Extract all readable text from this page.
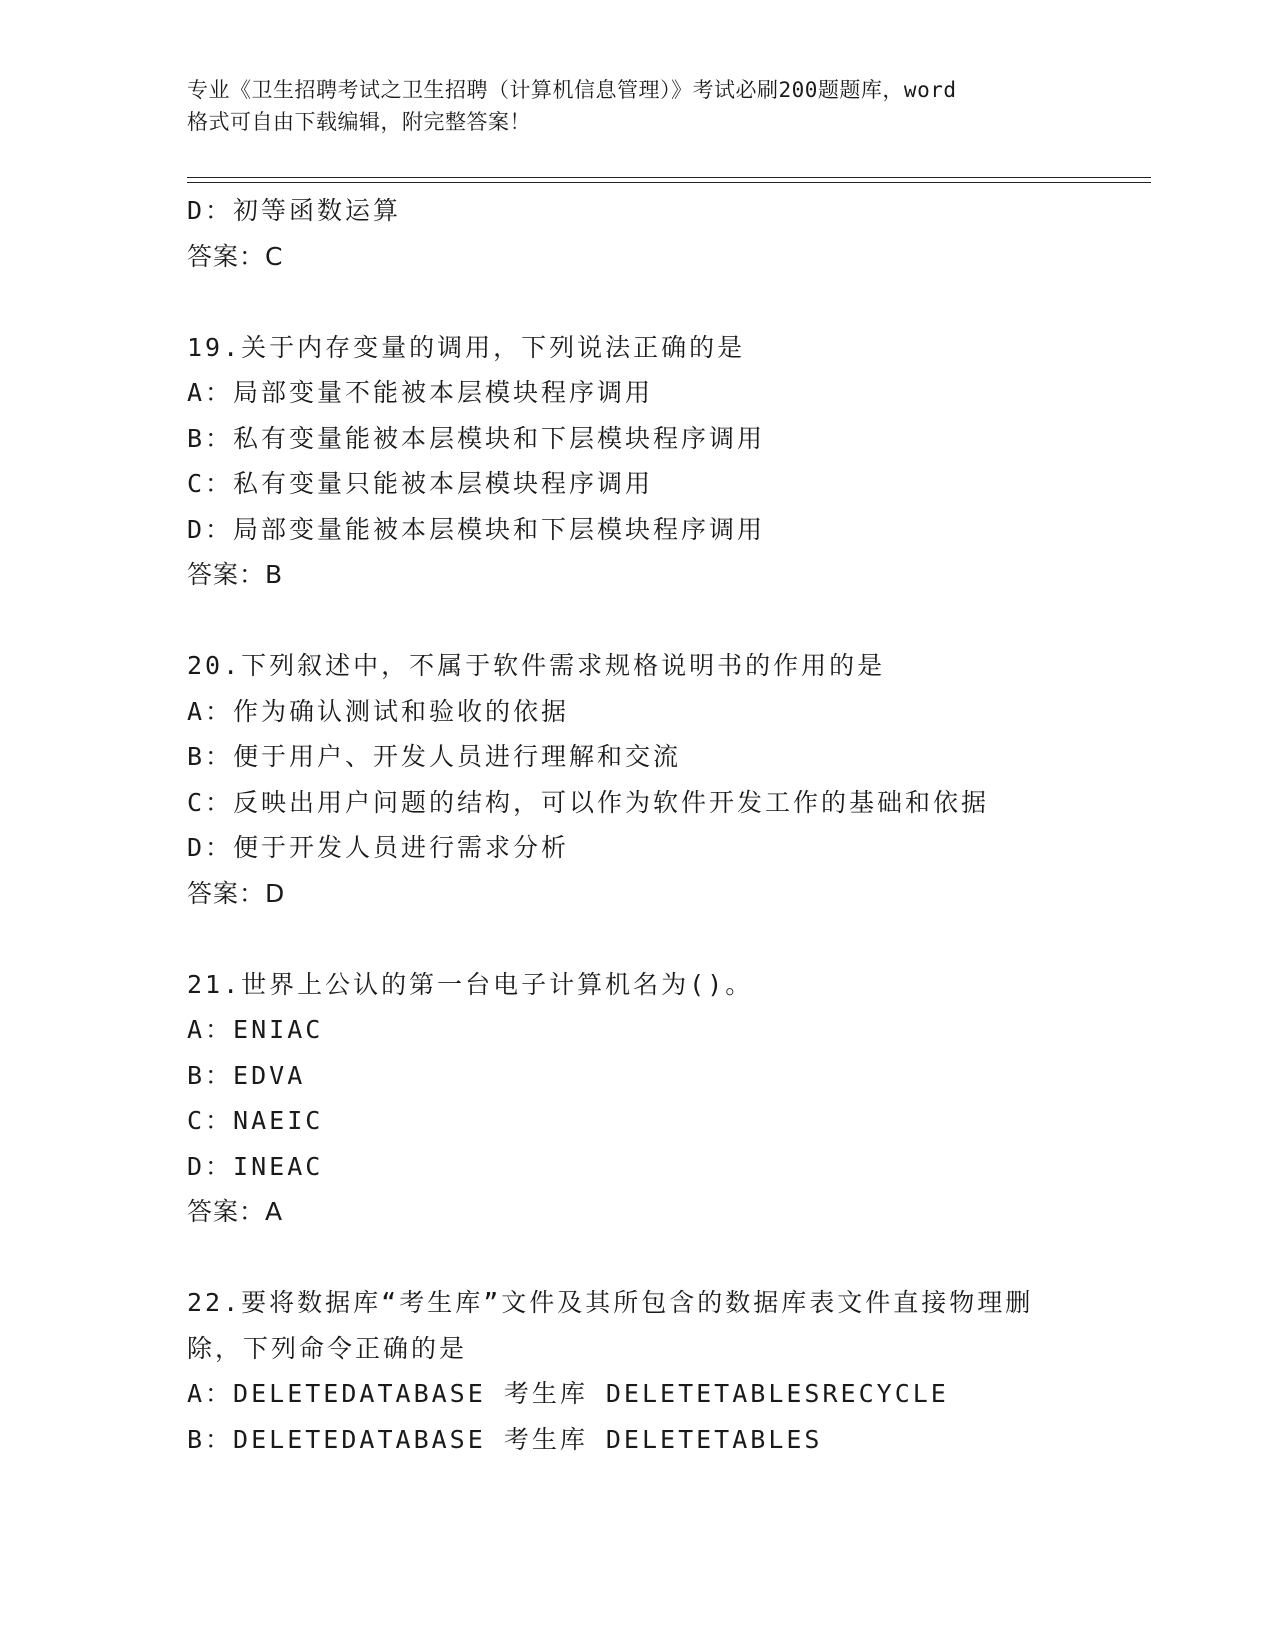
专业《卫生招聘考试之卫生招聘（计算机信息管理）》考试必刷200题题库，word
格式可自由下载编辑，附完整答案！
D：初等函数运算
答案：C
19.关于内存变量的调用，下列说法正确的是
A：局部变量不能被本层模块程序调用
B：私有变量能被本层模块和下层模块程序调用
C：私有变量只能被本层模块程序调用
D：局部变量能被本层模块和下层模块程序调用
答案：B
20.下列叙述中，不属于软件需求规格说明书的作用的是
A：作为确认测试和验收的依据
B：便于用户、开发人员进行理解和交流
C：反映出用户问题的结构，可以作为软件开发工作的基础和依据
D：便于开发人员进行需求分析
答案：D
21.世界上公认的第一台电子计算机名为()。
A：ENIAC
B：EDVA
C：NAEIC
D：INEAC
答案：A
22.要将数据库“考生库”文件及其所包含的数据库表文件直接物理删
除，下列命令正确的是
A：DELETEDATABASE 考生库 DELETETABLESRECYCLE
B：DELETEDATABASE 考生库 DELETETABLES
